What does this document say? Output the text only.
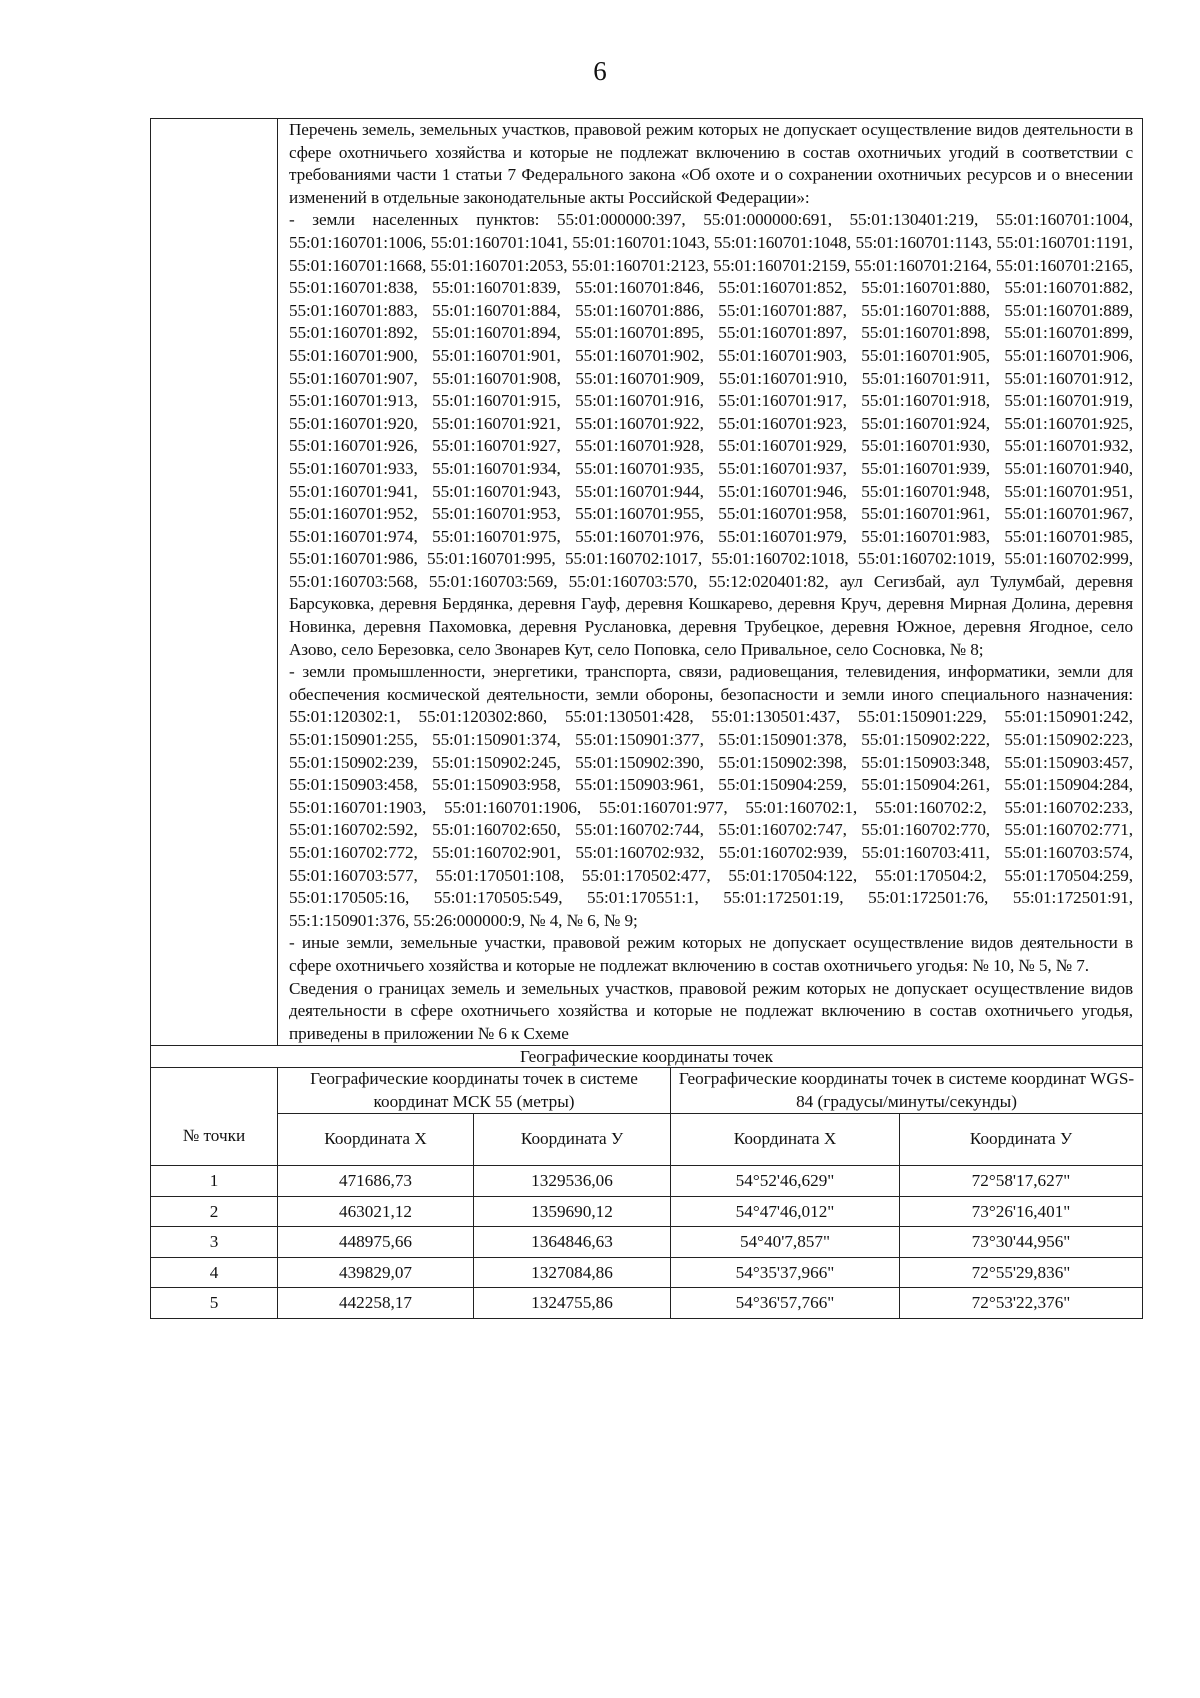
6

	Перечень земель, земельных участков, правовой режим которых не допускает осуществление видов деятельности в сфере охотничьего хозяйства и которые не подлежат включению в состав охотничьих угодий в соответствии с требованиями части 1 статьи 7 Федерального закона «Об охоте и о сохранении охотничьих ресурсов и о внесении изменений в отдельные законодательные акты Российской Федерации»:

- земли населенных пунктов: 55:01:000000:397, 55:01:000000:691, 55:01:130401:219, 55:01:160701:1004, 55:01:160701:1006, 55:01:160701:1041, 55:01:160701:1043, 55:01:160701:1048, 55:01:160701:1143, 55:01:160701:1191, 55:01:160701:1668, 55:01:160701:2053, 55:01:160701:2123, 55:01:160701:2159, 55:01:160701:2164, 55:01:160701:2165, 55:01:160701:838, 55:01:160701:839, 55:01:160701:846, 55:01:160701:852, 55:01:160701:880, 55:01:160701:882, 55:01:160701:883, 55:01:160701:884, 55:01:160701:886, 55:01:160701:887, 55:01:160701:888, 55:01:160701:889, 55:01:160701:892, 55:01:160701:894, 55:01:160701:895, 55:01:160701:897, 55:01:160701:898, 55:01:160701:899, 55:01:160701:900, 55:01:160701:901, 55:01:160701:902, 55:01:160701:903, 55:01:160701:905, 55:01:160701:906, 55:01:160701:907, 55:01:160701:908, 55:01:160701:909, 55:01:160701:910, 55:01:160701:911, 55:01:160701:912, 55:01:160701:913, 55:01:160701:915, 55:01:160701:916, 55:01:160701:917, 55:01:160701:918, 55:01:160701:919, 55:01:160701:920, 55:01:160701:921, 55:01:160701:922, 55:01:160701:923, 55:01:160701:924, 55:01:160701:925, 55:01:160701:926, 55:01:160701:927, 55:01:160701:928, 55:01:160701:929, 55:01:160701:930, 55:01:160701:932, 55:01:160701:933, 55:01:160701:934, 55:01:160701:935, 55:01:160701:937, 55:01:160701:939, 55:01:160701:940, 55:01:160701:941, 55:01:160701:943, 55:01:160701:944, 55:01:160701:946, 55:01:160701:948, 55:01:160701:951, 55:01:160701:952, 55:01:160701:953, 55:01:160701:955, 55:01:160701:958, 55:01:160701:961, 55:01:160701:967, 55:01:160701:974, 55:01:160701:975, 55:01:160701:976, 55:01:160701:979, 55:01:160701:983, 55:01:160701:985, 55:01:160701:986, 55:01:160701:995, 55:01:160702:1017, 55:01:160702:1018, 55:01:160702:1019, 55:01:160702:999, 55:01:160703:568, 55:01:160703:569, 55:01:160703:570, 55:12:020401:82, аул Сегизбай, аул Тулумбай, деревня Барсуковка, деревня Бердянка, деревня Гауф, деревня Кошкарево, деревня Круч, деревня Мирная Долина, деревня Новинка, деревня Пахомовка, деревня Руслановка, деревня Трубецкое, деревня Южное, деревня Ягодное, село Азово, село Березовка, село Звонарев Кут, село Поповка, село Привальное, село Сосновка, № 8;

- земли промышленности, энергетики, транспорта, связи, радиовещания, телевидения, информатики, земли для обеспечения космической деятельности, земли обороны, безопасности и земли иного специального назначения: 55:01:120302:1, 55:01:120302:860, 55:01:130501:428, 55:01:130501:437, 55:01:150901:229, 55:01:150901:242, 55:01:150901:255, 55:01:150901:374, 55:01:150901:377, 55:01:150901:378, 55:01:150902:222, 55:01:150902:223, 55:01:150902:239, 55:01:150902:245, 55:01:150902:390, 55:01:150902:398, 55:01:150903:348, 55:01:150903:457, 55:01:150903:458, 55:01:150903:958, 55:01:150903:961, 55:01:150904:259, 55:01:150904:261, 55:01:150904:284, 55:01:160701:1903, 55:01:160701:1906, 55:01:160701:977, 55:01:160702:1, 55:01:160702:2, 55:01:160702:233, 55:01:160702:592, 55:01:160702:650, 55:01:160702:744, 55:01:160702:747, 55:01:160702:770, 55:01:160702:771, 55:01:160702:772, 55:01:160702:901, 55:01:160702:932, 55:01:160702:939, 55:01:160703:411, 55:01:160703:574, 55:01:160703:577, 55:01:170501:108, 55:01:170502:477, 55:01:170504:122, 55:01:170504:2, 55:01:170504:259, 55:01:170505:16, 55:01:170505:549, 55:01:170551:1, 55:01:172501:19, 55:01:172501:76, 55:01:172501:91, 55:1:150901:376, 55:26:000000:9, № 4, № 6, № 9;

- иные земли, земельные участки, правовой режим которых не допускает осуществление видов деятельности в сфере охотничьего хозяйства и которые не подлежат включению в состав охотничьего угодья: № 10, № 5, № 7.

Сведения о границах земель и земельных участков, правовой режим которых не допускает осуществление видов деятельности в сфере охотничьего хозяйства и которые не подлежат включению в состав охотничьего угодья, приведены в приложении № 6 к Схеме			

Географические координаты точек				
№ точки	Географические координаты точек в системе координат МСК 55 (метры)		Географические координаты точек в системе координат WGS-84 (градусы/минуты/секунды)	
	Координата Х	Координата У	Координата Х	Координата У
1	471686,73	1329536,06	54°52'46,629"	72°58'17,627"
2	463021,12	1359690,12	54°47'46,012"	73°26'16,401"
3	448975,66	1364846,63	54°40'7,857"	73°30'44,956"
4	439829,07	1327084,86	54°35'37,966"	72°55'29,836"
5	442258,17	1324755,86	54°36'57,766"	72°53'22,376"
